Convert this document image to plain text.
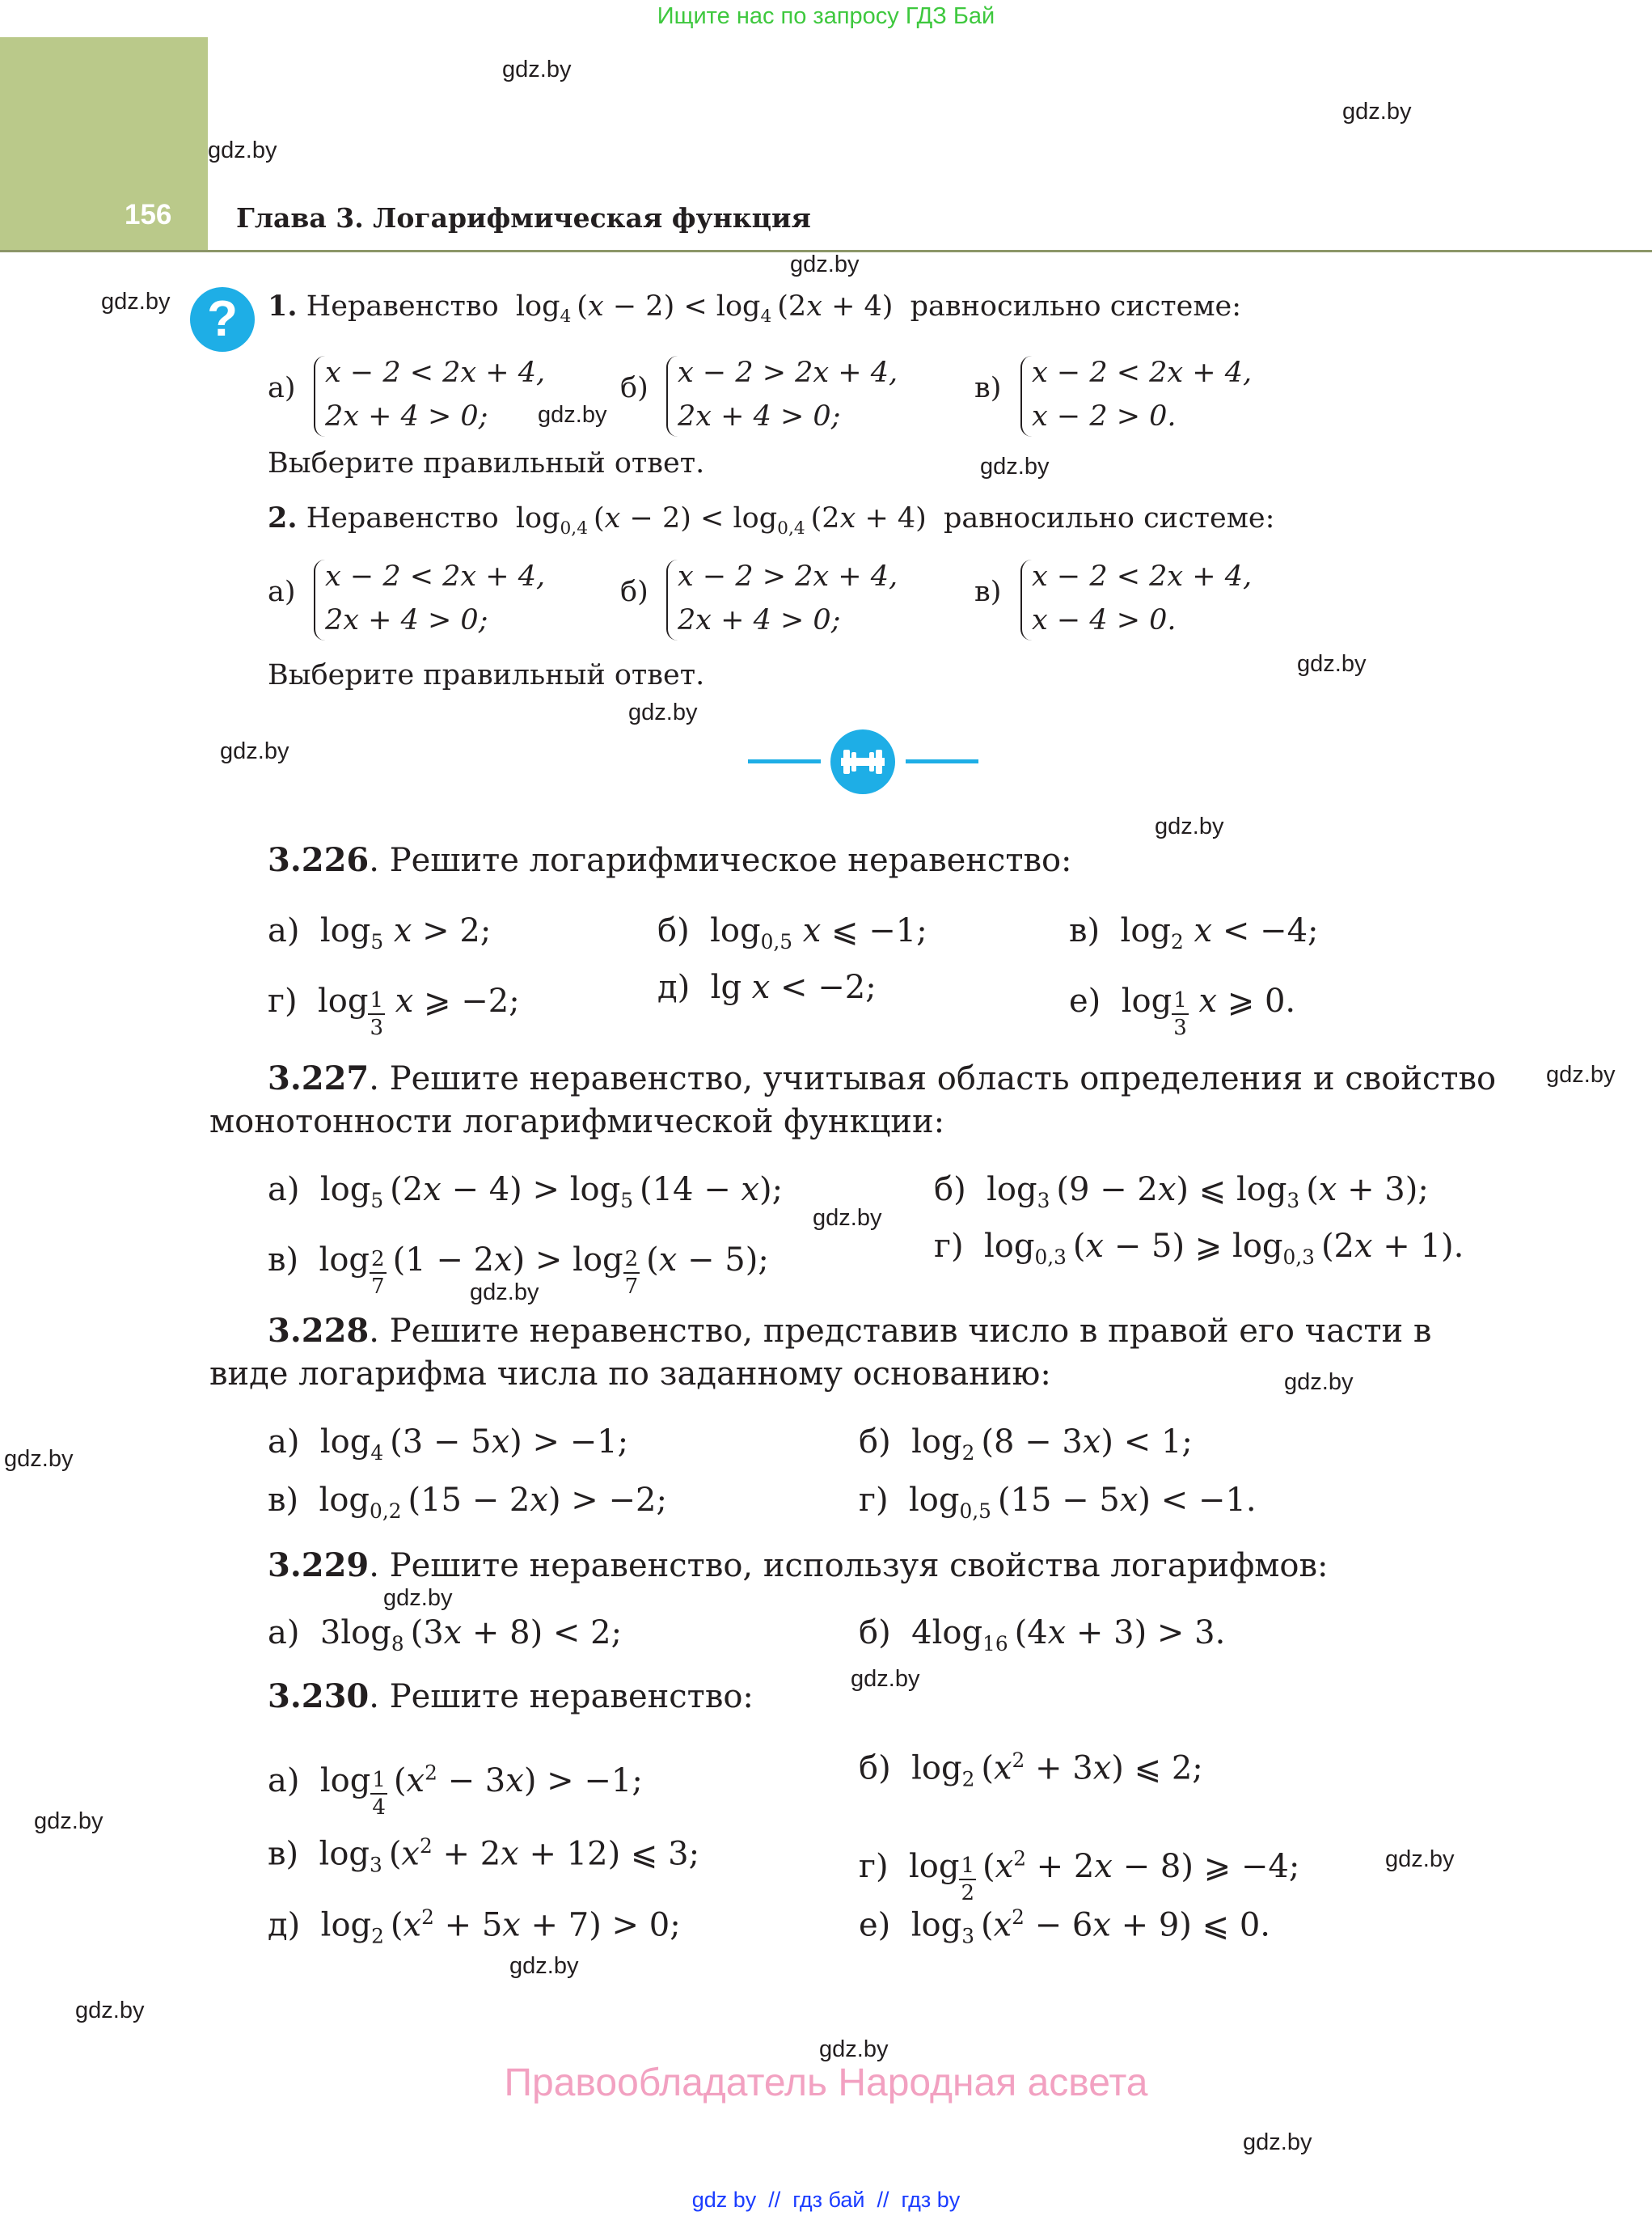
Ищите нас по запросу ГДЗ Бай
156 Глава 3. Логарифмическая функция
gdz.by
gdz.by
gdz.by
gdz.by
gdz.by
gdz.by
gdz.by
gdz.by
gdz.by
gdz.by
gdz.by
gdz.by
gdz.by
gdz.by
gdz.by
gdz.by
gdz.by
gdz.by
gdz.by
gdz.by
gdz.by
gdz.by
gdz.by
gdz.by
?	1. Неравенство $\log_4 (x - 2) < \log_4 (2x + 4)$ равносильно системе:
а) x − 2 < 2x + 4,
2x + 4 > 0;
б) x − 2 > 2x + 4,
2x + 4 > 0;
в) x − 2 < 2x + 4,
x − 2 > 0.
Выберите правильный ответ.
2. Неравенство $\log_{0,4} (x - 2) < \log_{0,4} (2x + 4)$ равносильно системе:
а) x − 2 < 2x + 4,
2x + 4 > 0;
б) x − 2 > 2x + 4,
2x + 4 > 0;
в) x − 2 < 2x + 4,
x − 4 > 0.
Выберите правильный ответ.
3.226. Решите логарифмическое неравенство:
а)  $\log_5 x > 2$;	б)  $\log_{0,5} x$ ⩽ −1;	в)  $\log_2 x < -4$;
г)  $\log \frac{1}{3}$ x ⩾ −2;	д)  lg x < −2;	е)  $\log \frac{1}{3}$ x ⩾ 0.
3.227. Решите неравенство, учитывая область определения и свойство
монотонности логарифмической функции:
а)  $\log_5 (2x - 4) > \log_5 (14 - x)$;	б)  $\log_3 (9 - 2x)$ ⩽ $\log_3 (x + 3)$;
в)  $\log \frac{2}{7} (1 - 2x) > \log \frac{2}{7} (x - 5)$;	г)  $\log_{0,3} (x - 5)$ ⩾ $\log_{0,3} (2x + 1)$.
3.228. Решите неравенство, представив число в правой его части в
виде логарифма числа по заданному основанию:
а)  $\log_4 (3 - 5x) > -1$;	б)  $\log_2 (8 - 3x) < 1$;
в)  $\log_{0,2} (15 - 2x) > -2$;	г)  $\log_{0,5} (15 - 5x) < -1$.
3.229. Решите неравенство, используя свойства логарифмов:
а)  $3\log_8$ (3x + 8) < 2;	б)  $4\log_{16}$ (4x + 3) > 3.
3.230. Решите неравенство:
а)  $\log \frac{1}{4} (x^2 - 3x) > -1$;	б)  $\log_2 (x^2 + 3x)$ ⩽ 2;
в)  $\log_3 (x^2 + 2x + 12)$ ⩽ 3;	г)  $\log \frac{1}{2} (x^2 + 2x - 8)$ ⩾ −4;
д)  $\log_2 (x^2 + 5x + 7) > 0$;	е)  $\log_3 (x^2 - 6x + 9)$ ⩽ 0.
Правообладатель Народная асвета
gdz by  //  гдз бай  //  гдз by
